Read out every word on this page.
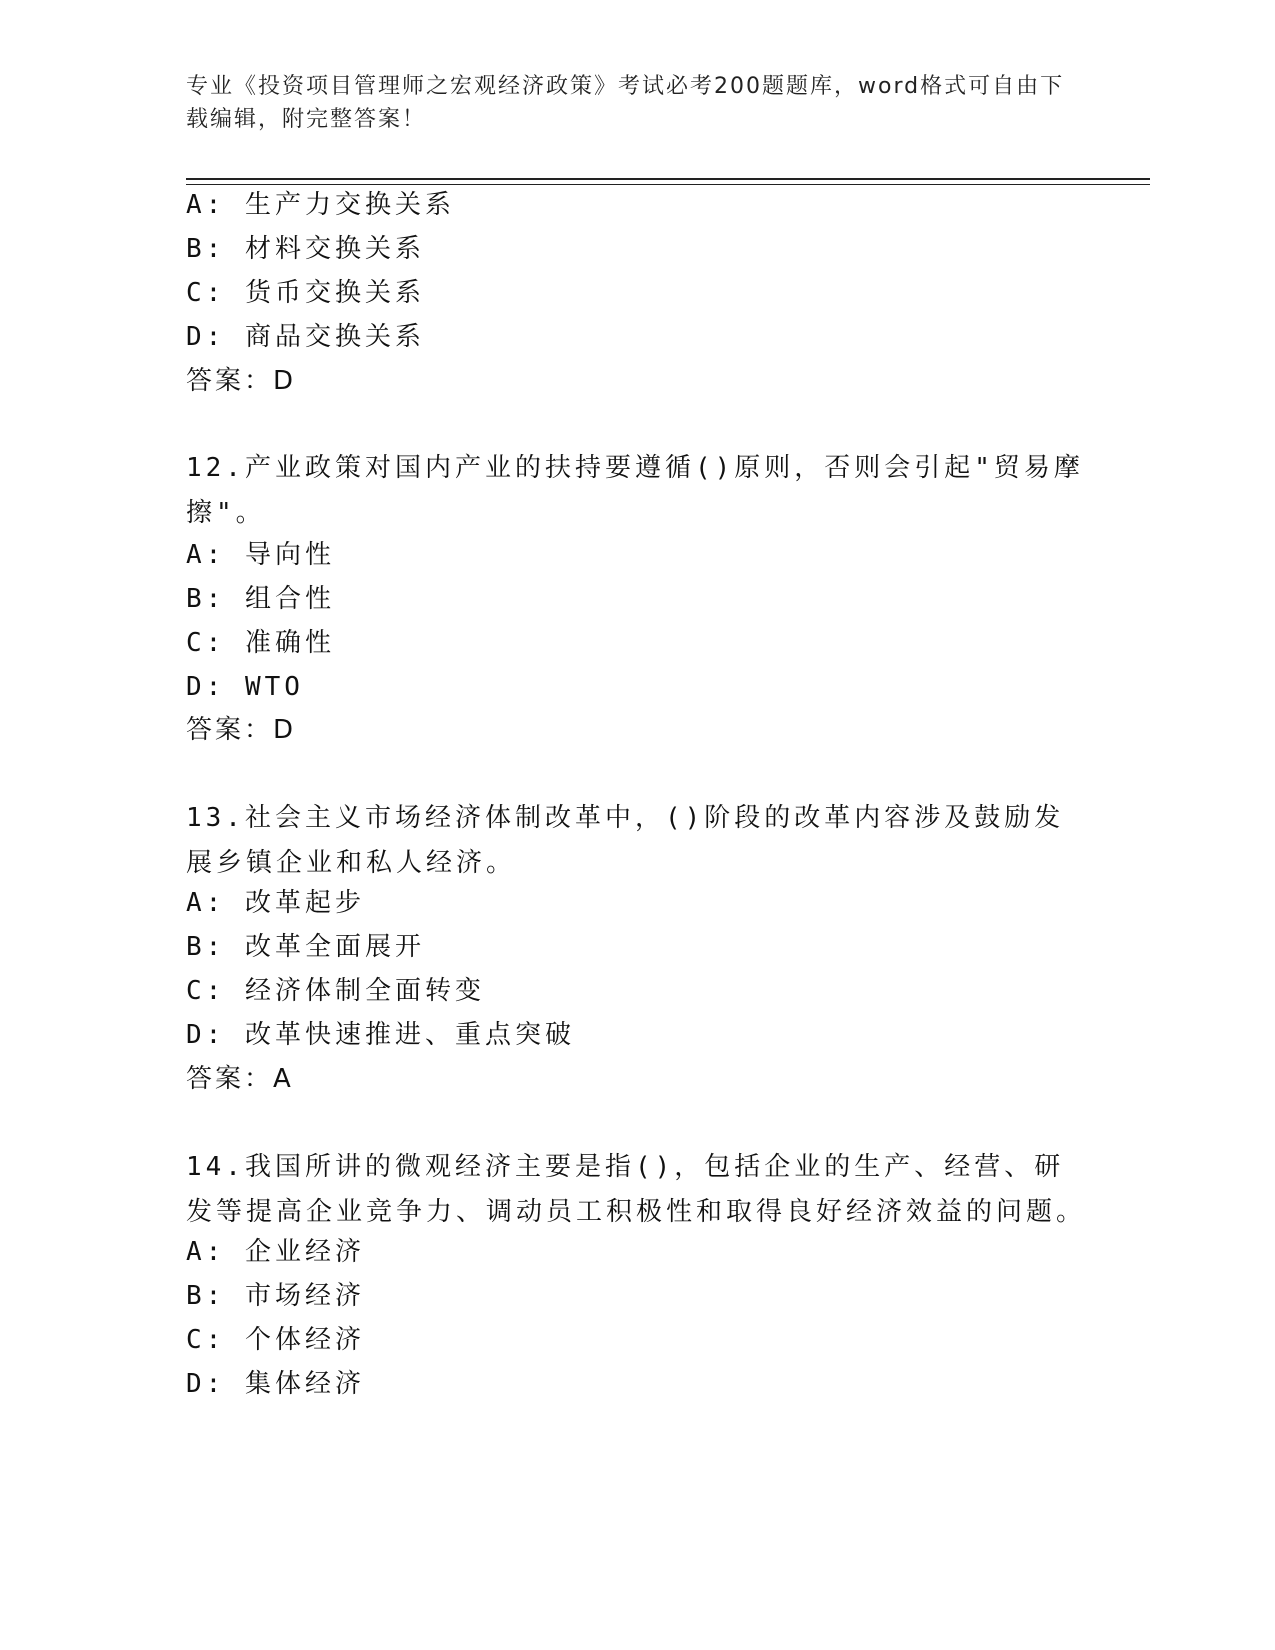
专业《投资项目管理师之宏观经济政策》考试必考200题题库，word格式可自由下载编辑，附完整答案！
A: 生产力交换关系
B: 材料交换关系
C: 货币交换关系
D: 商品交换关系
答案：D
12.产业政策对国内产业的扶持要遵循()原则，否则会引起"贸易摩擦"。
A: 导向性
B: 组合性
C: 准确性
D: WTO
答案：D
13.社会主义市场经济体制改革中，()阶段的改革内容涉及鼓励发展乡镇企业和私人经济。
A: 改革起步
B: 改革全面展开
C: 经济体制全面转变
D: 改革快速推进、重点突破
答案：A
14.我国所讲的微观经济主要是指()，包括企业的生产、经营、研发等提高企业竞争力、调动员工积极性和取得良好经济效益的问题。
A: 企业经济
B: 市场经济
C: 个体经济
D: 集体经济
